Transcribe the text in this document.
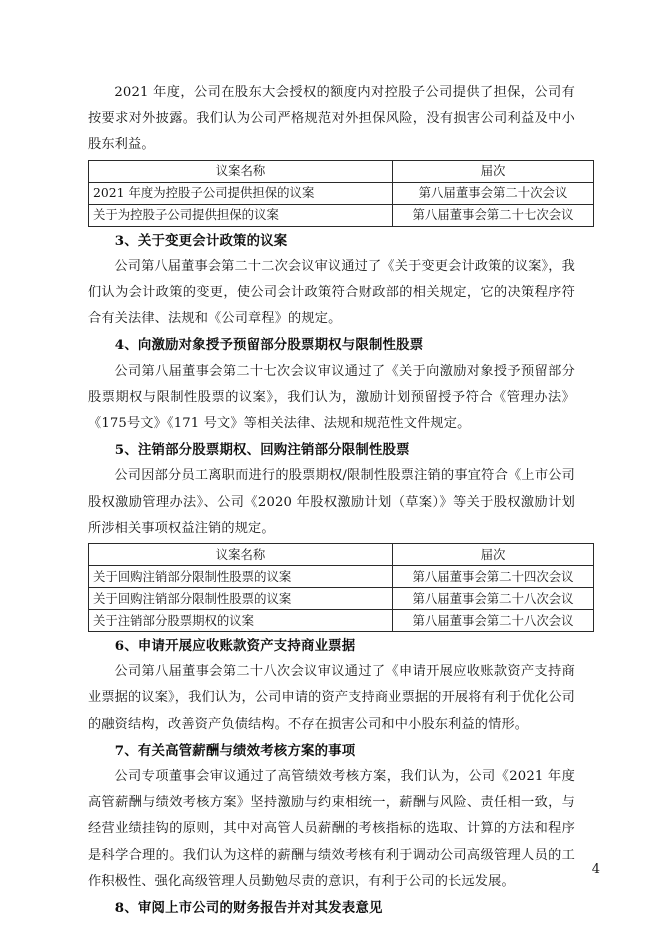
2021 年度，公司在股东大会授权的额度内对控股子公司提供了担保，公司有按要求对外披露。我们认为公司严格规范对外担保风险，没有损害公司利益及中小股东利益。

议案名称	届次
2021 年度为控股子公司提供担保的议案	第八届董事会第二十次会议
关于为控股子公司提供担保的议案	第八届董事会第二十七次会议
3、关于变更会计政策的议案

公司第八届董事会第二十二次会议审议通过了《关于变更会计政策的议案》，我们认为会计政策的变更，使公司会计政策符合财政部的相关规定，它的决策程序符合有关法律、法规和《公司章程》的规定。

4、向激励对象授予预留部分股票期权与限制性股票

公司第八届董事会第二十七次会议审议通过了《关于向激励对象授予预留部分股票期权与限制性股票的议案》，我们认为，激励计划预留授予符合《管理办法》《175号文》《171 号文》等相关法律、法规和规范性文件规定。

5、注销部分股票期权、回购注销部分限制性股票

公司因部分员工离职而进行的股票期权/限制性股票注销的事宜符合《上市公司股权激励管理办法》、公司《2020 年股权激励计划（草案）》等关于股权激励计划所涉相关事项权益注销的规定。

议案名称	届次
关于回购注销部分限制性股票的议案	第八届董事会第二十四次会议
关于回购注销部分限制性股票的议案	第八届董事会第二十八次会议
关于注销部分股票期权的议案	第八届董事会第二十八次会议
6、申请开展应收账款资产支持商业票据

公司第八届董事会第二十八次会议审议通过了《申请开展应收账款资产支持商业票据的议案》，我们认为，公司申请的资产支持商业票据的开展将有利于优化公司的融资结构，改善资产负债结构。不存在损害公司和中小股东利益的情形。

7、有关高管薪酬与绩效考核方案的事项

公司专项董事会审议通过了高管绩效考核方案，我们认为，公司《2021 年度高管薪酬与绩效考核方案》坚持激励与约束相统一，薪酬与风险、责任相一致，与经营业绩挂钩的原则，其中对高管人员薪酬的考核指标的选取、计算的方法和程序是科学合理的。我们认为这样的薪酬与绩效考核有利于调动公司高级管理人员的工作积极性、强化高级管理人员勤勉尽责的意识，有利于公司的长远发展。

8、审阅上市公司的财务报告并对其发表意见
4
